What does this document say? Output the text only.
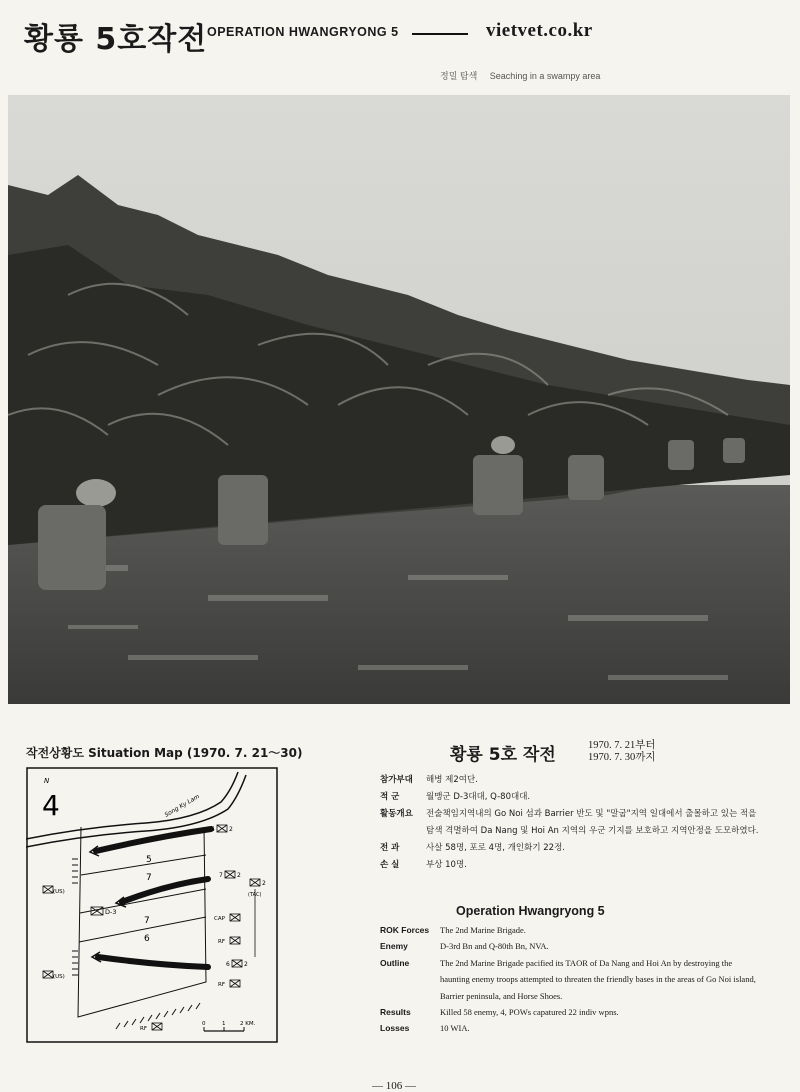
황룡 5호작전 OPERATION HWANGRYONG 5	vietvet.co.kr
정밀 탐색 Seaching in a swampy area
작전상황도 Situation Map (1970. 7. 21～30)
N
4	Song Ky Lam
5
7
7
6
5 2
7 2
2
(TAC)
CAP
RF
6 2
RF
RF
D-3
(US)
(US)
0	1	2 KM.
황룡 5호 작전	1970. 7. 21부터
1970. 7. 30까지
참가부대	해병 제2여단.
적 군	월맹군 D-3대대, Q-80대대.
활동개요	전술책임지역내의 Go Noi 섬과 Barrier 반도 및 "말굽"지역 일대에서 출몰하고 있는 적을 탐색 격멸하여 Da Nang 및 Hoi An 지역의 우군 기지를 보호하고 지역안정을 도모하였다.
전 과	사살 58명, 포로 4명, 개인화기 22정.
손 실	부상 10명.
Operation Hwangryong 5
ROK Forces	The 2nd Marine Brigade.
Enemy	D-3rd Bn and Q-80th Bn, NVA.
Outline	The 2nd Marine Brigade pacified its TAOR of Da Nang and Hoi An by destroying the haunting enemy troops attempted to threaten the friendly bases in the areas of Go Noi island, Barrier peninsula, and Horse Shoes.
Results	Killed 58 enemy, 4, POWs capatured 22 indiv wpns.
Losses	10 WIA.
— 106 —
